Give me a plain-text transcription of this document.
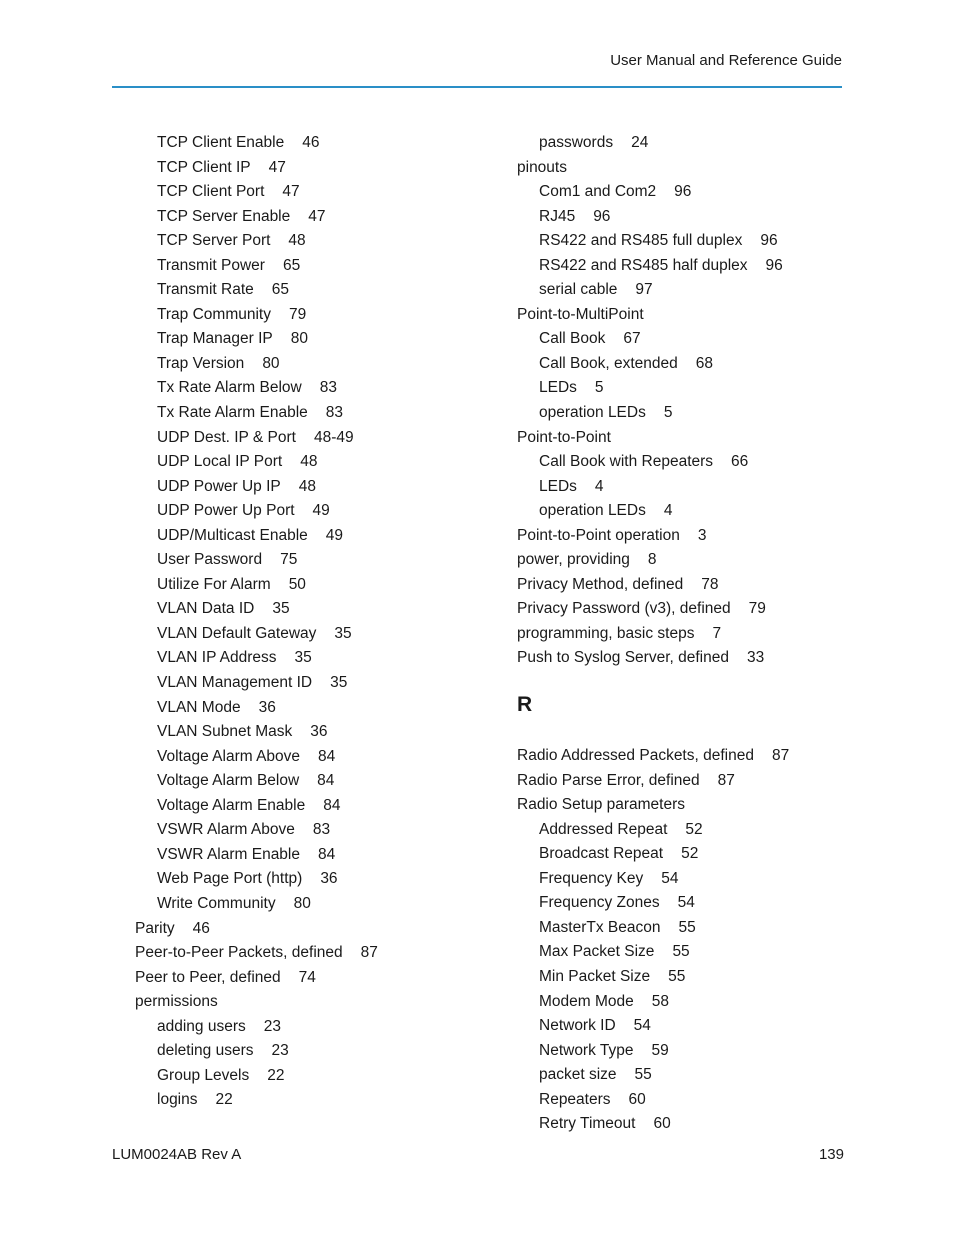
User Manual and Reference Guide
TCP Client Enable 46
TCP Client IP 47
TCP Client Port 47
TCP Server Enable 47
TCP Server Port 48
Transmit Power 65
Transmit Rate 65
Trap Community 79
Trap Manager IP 80
Trap Version 80
Tx Rate Alarm Below 83
Tx Rate Alarm Enable 83
UDP Dest. IP & Port 48-49
UDP Local IP Port 48
UDP Power Up IP 48
UDP Power Up Port 49
UDP/Multicast Enable 49
User Password 75
Utilize For Alarm 50
VLAN Data ID 35
VLAN Default Gateway 35
VLAN IP Address 35
VLAN Management ID 35
VLAN Mode 36
VLAN Subnet Mask 36
Voltage Alarm Above 84
Voltage Alarm Below 84
Voltage Alarm Enable 84
VSWR Alarm Above 83
VSWR Alarm Enable 84
Web Page Port (http) 36
Write Community 80
Parity 46
Peer-to-Peer Packets, defined 87
Peer to Peer, defined 74
permissions
adding users 23
deleting users 23
Group Levels 22
logins 22
passwords 24
pinouts
Com1 and Com2 96
RJ45 96
RS422 and RS485 full duplex 96
RS422 and RS485 half duplex 96
serial cable 97
Point-to-MultiPoint
Call Book 67
Call Book, extended 68
LEDs 5
operation LEDs 5
Point-to-Point
Call Book with Repeaters 66
LEDs 4
operation LEDs 4
Point-to-Point operation 3
power, providing 8
Privacy Method, defined 78
Privacy Password (v3), defined 79
programming, basic steps 7
Push to Syslog Server, defined 33
R
Radio Addressed Packets, defined 87
Radio Parse Error, defined 87
Radio Setup parameters
Addressed Repeat 52
Broadcast Repeat 52
Frequency Key 54
Frequency Zones 54
MasterTx Beacon 55
Max Packet Size 55
Min Packet Size 55
Modem Mode 58
Network ID 54
Network Type 59
packet size 55
Repeaters 60
Retry Timeout 60
LUM0024AB Rev A	139
